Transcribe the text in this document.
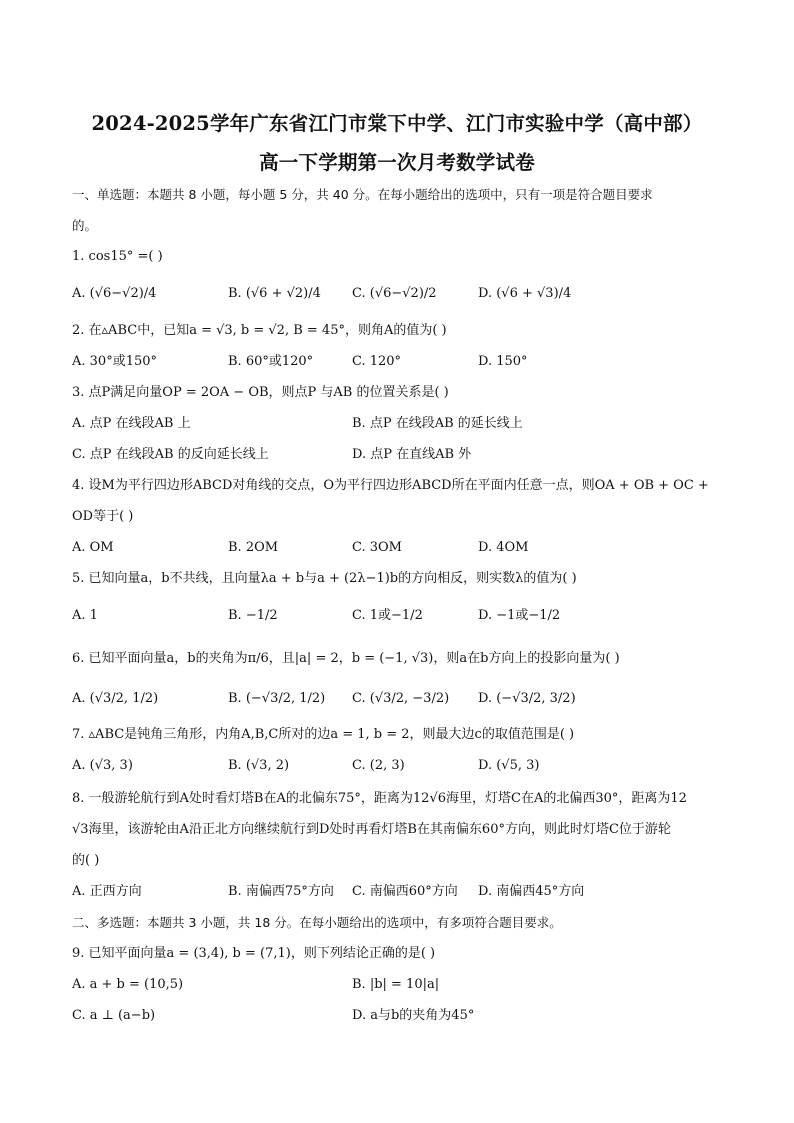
2024-2025学年广东省江门市棠下中学、江门市实验中学（高中部）
高一下学期第一次月考数学试卷
一、单选题：本题共 8 小题，每小题 5 分，共 40 分。在每小题给出的选项中，只有一项是符合题目要求
的。
1. cos15° =( )
A. (√6−√2)/4	B. (√6 + √2)/4 C. (√6−√2)/2	D. (√6 + √3)/4
2. 在▵ABC中，已知a = √3, b = √2, B = 45°，则角A的值为( )
A. 30°或150°	B. 60°或120°	C. 120°	D. 150°
3. 点P满足向量OP = 2OA − OB，则点P 与AB 的位置关系是( )
A. 点P 在线段AB 上	B. 点P 在线段AB 的延长线上
C. 点P 在线段AB 的反向延长线上	D. 点P 在直线AB 外
4. 设M为平行四边形ABCD对角线的交点，O为平行四边形ABCD所在平面内任意一点，则OA + OB + OC +
OD等于( )
A. OM	B. 2OM	C. 3OM	D. 4OM
5. 已知向量a，b不共线，且向量λa + b与a + (2λ−1)b的方向相反，则实数λ的值为( )
A. 1	B. −1/2	C. 1或−1/2	D. −1或−1/2
6. 已知平面向量a，b的夹角为π/6，且|a| = 2，b = (−1, √3)，则a在b方向上的投影向量为( )
A. (√3/2, 1/2)	B. (−√3/2, 1/2) C. (√3/2, −3/2) D. (−√3/2, 3/2)
7. ▵ABC是钝角三角形，内角A,B,C所对的边a = 1, b = 2，则最大边c的取值范围是( )
A. (√3, 3)	B. (√3, 2)	C. (2, 3)	D. (√5, 3)
8. 一般游轮航行到A处时看灯塔B在A的北偏东75°，距离为12√6海里，灯塔C在A的北偏西30°，距离为12
√3海里，该游轮由A沿正北方向继续航行到D处时再看灯塔B在其南偏东60°方向，则此时灯塔C位于游轮
的( )
A. 正西方向	B. 南偏西75°方向 C. 南偏西60°方向 D. 南偏西45°方向
二、多选题：本题共 3 小题，共 18 分。在每小题给出的选项中，有多项符合题目要求。
9. 已知平面向量a = (3,4), b = (7,1)，则下列结论正确的是( )
A. a + b = (10,5)	B. |b| = 10|a|
C. a ⊥ (a−b)	D. a与b的夹角为45°
